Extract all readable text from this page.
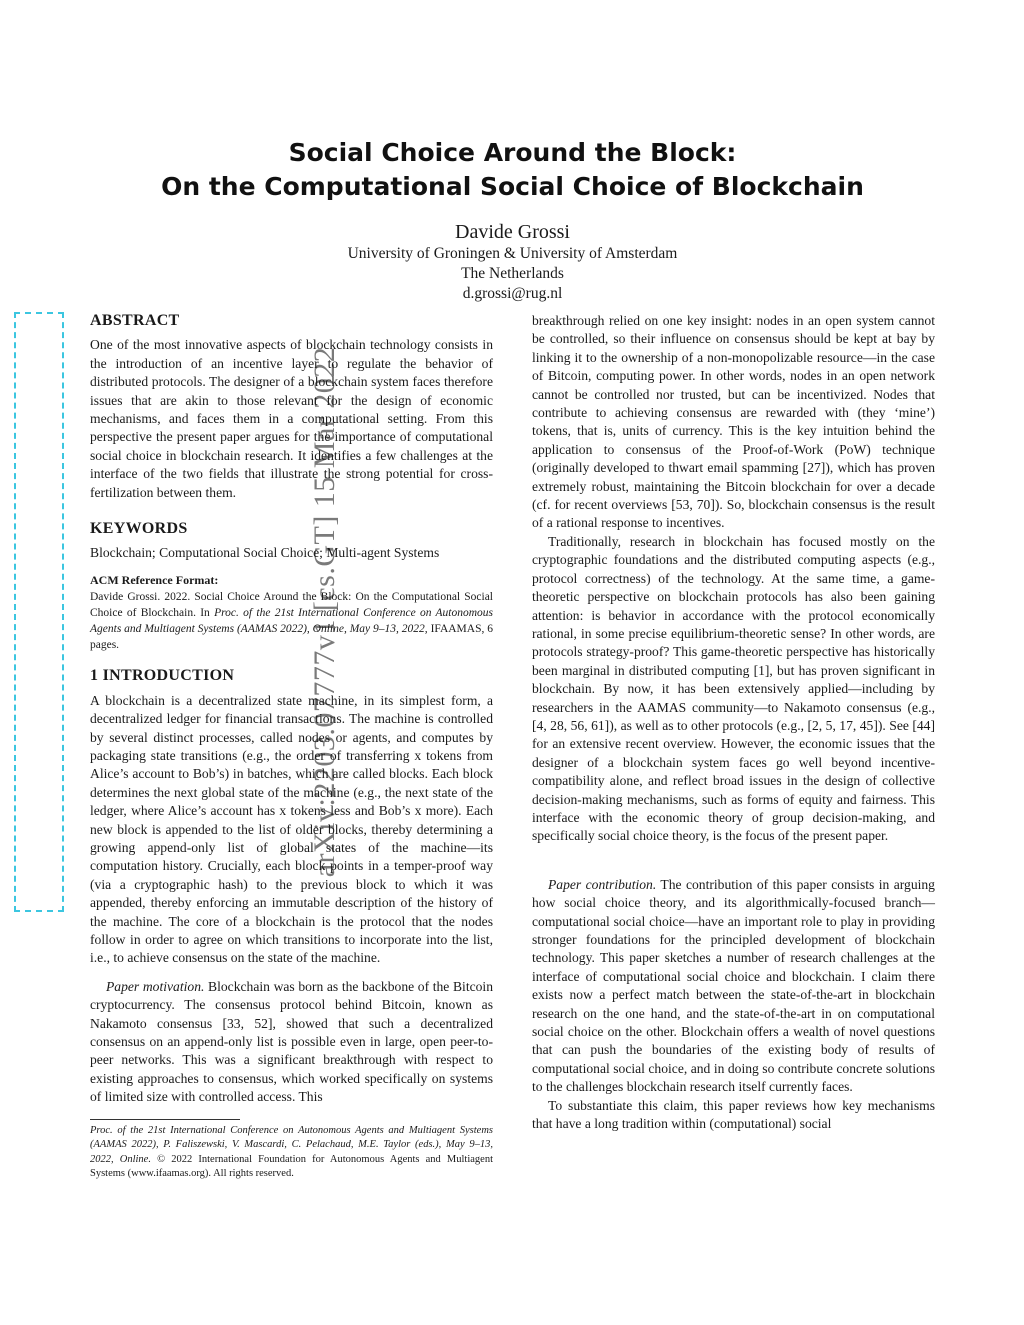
arXiv:2203.07777v1 [cs.GT] 15 Mar 2022
Social Choice Around the Block:
On the Computational Social Choice of Blockchain
Davide Grossi
University of Groningen & University of Amsterdam
The Netherlands
d.grossi@rug.nl
ABSTRACT

One of the most innovative aspects of blockchain technology consists in the introduction of an incentive layer to regulate the behavior of distributed protocols. The designer of a blockchain system faces therefore issues that are akin to those relevant for the design of economic mechanisms, and faces them in a computational setting. From this perspective the present paper argues for the importance of computational social choice in blockchain research. It identifies a few challenges at the interface of the two fields that illustrate the strong potential for cross-fertilization between them.

KEYWORDS

Blockchain; Computational Social Choice; Multi-agent Systems

ACM Reference Format:

Davide Grossi. 2022. Social Choice Around the Block: On the Computational Social Choice of Blockchain. In Proc. of the 21st International Conference on Autonomous Agents and Multiagent Systems (AAMAS 2022), Online, May 9–13, 2022, IFAAMAS, 6 pages.

1 INTRODUCTION

A blockchain is a decentralized state machine, in its simplest form, a decentralized ledger for financial transactions. The machine is controlled by several distinct processes, called nodes or agents, and computes by packaging state transitions (e.g., the order of transferring x tokens from Alice’s account to Bob’s) in batches, which are called blocks. Each block determines the next global state of the machine (e.g., the next state of the ledger, where Alice’s account has x tokens less and Bob’s x more). Each new block is appended to the list of older blocks, thereby determining a growing append-only list of global states of the machine—its computation history. Crucially, each block points in a temper-proof way (via a cryptographic hash) to the previous block to which it was appended, thereby enforcing an immutable description of the history of the machine. The core of a blockchain is the protocol that the nodes follow in order to agree on which transitions to incorporate into the list, i.e., to achieve consensus on the state of the machine.

Paper motivation. Blockchain was born as the backbone of the Bitcoin cryptocurrency. The consensus protocol behind Bitcoin, known as Nakamoto consensus [33, 52], showed that such a decentralized consensus on an append-only list is possible even in large, open peer-to-peer networks. This was a significant breakthrough with respect to existing approaches to consensus, which worked specifically on systems of limited size with controlled access. This

Proc. of the 21st International Conference on Autonomous Agents and Multiagent Systems (AAMAS 2022), P. Faliszewski, V. Mascardi, C. Pelachaud, M.E. Taylor (eds.), May 9–13, 2022, Online. © 2022 International Foundation for Autonomous Agents and Multiagent Systems (www.ifaamas.org). All rights reserved.

breakthrough relied on one key insight: nodes in an open system cannot be controlled, so their influence on consensus should be kept at bay by linking it to the ownership of a non-monopolizable resource—in the case of Bitcoin, computing power. In other words, nodes in an open network cannot be controlled nor trusted, but can be incentivized. Nodes that contribute to achieving consensus are rewarded with (they ‘mine’) tokens, that is, units of currency. This is the key intuition behind the application to consensus of the Proof-of-Work (PoW) technique (originally developed to thwart email spamming [27]), which has proven extremely robust, maintaining the Bitcoin blockchain for over a decade (cf. for recent overviews [53, 70]). So, blockchain consensus is the result of a rational response to incentives.

Traditionally, research in blockchain has focused mostly on the cryptographic foundations and the distributed computing aspects (e.g., protocol correctness) of the technology. At the same time, a game-theoretic perspective on blockchain protocols has also been gaining attention: is behavior in accordance with the protocol economically rational, in some precise equilibrium-theoretic sense? In other words, are protocols strategy-proof? This game-theoretic perspective has historically been marginal in distributed computing [1], but has proven significant in blockchain. By now, it has been extensively applied—including by researchers in the AAMAS community—to Nakamoto consensus (e.g., [4, 28, 56, 61]), as well as to other protocols (e.g., [2, 5, 17, 45]). See [44] for an extensive recent overview. However, the economic issues that the designer of a blockchain system faces go well beyond incentive-compatibility alone, and reflect broad issues in the design of collective decision-making mechanisms, such as forms of equity and fairness. This interface with the economic theory of group decision-making, and specifically social choice theory, is the focus of the present paper.

Paper contribution. The contribution of this paper consists in arguing how social choice theory, and its algorithmically-focused branch—computational social choice—have an important role to play in providing stronger foundations for the principled development of blockchain technology. This paper sketches a number of research challenges at the interface of computational social choice and blockchain. I claim there exists now a perfect match between the state-of-the-art in blockchain research on the one hand, and the state-of-the-art in on computational social choice on the other. Blockchain offers a wealth of novel questions that can push the boundaries of the existing body of results of computational social choice, and in doing so contribute concrete solutions to the challenges blockchain research itself currently faces.

To substantiate this claim, this paper reviews how key mechanisms that have a long tradition within (computational) social
